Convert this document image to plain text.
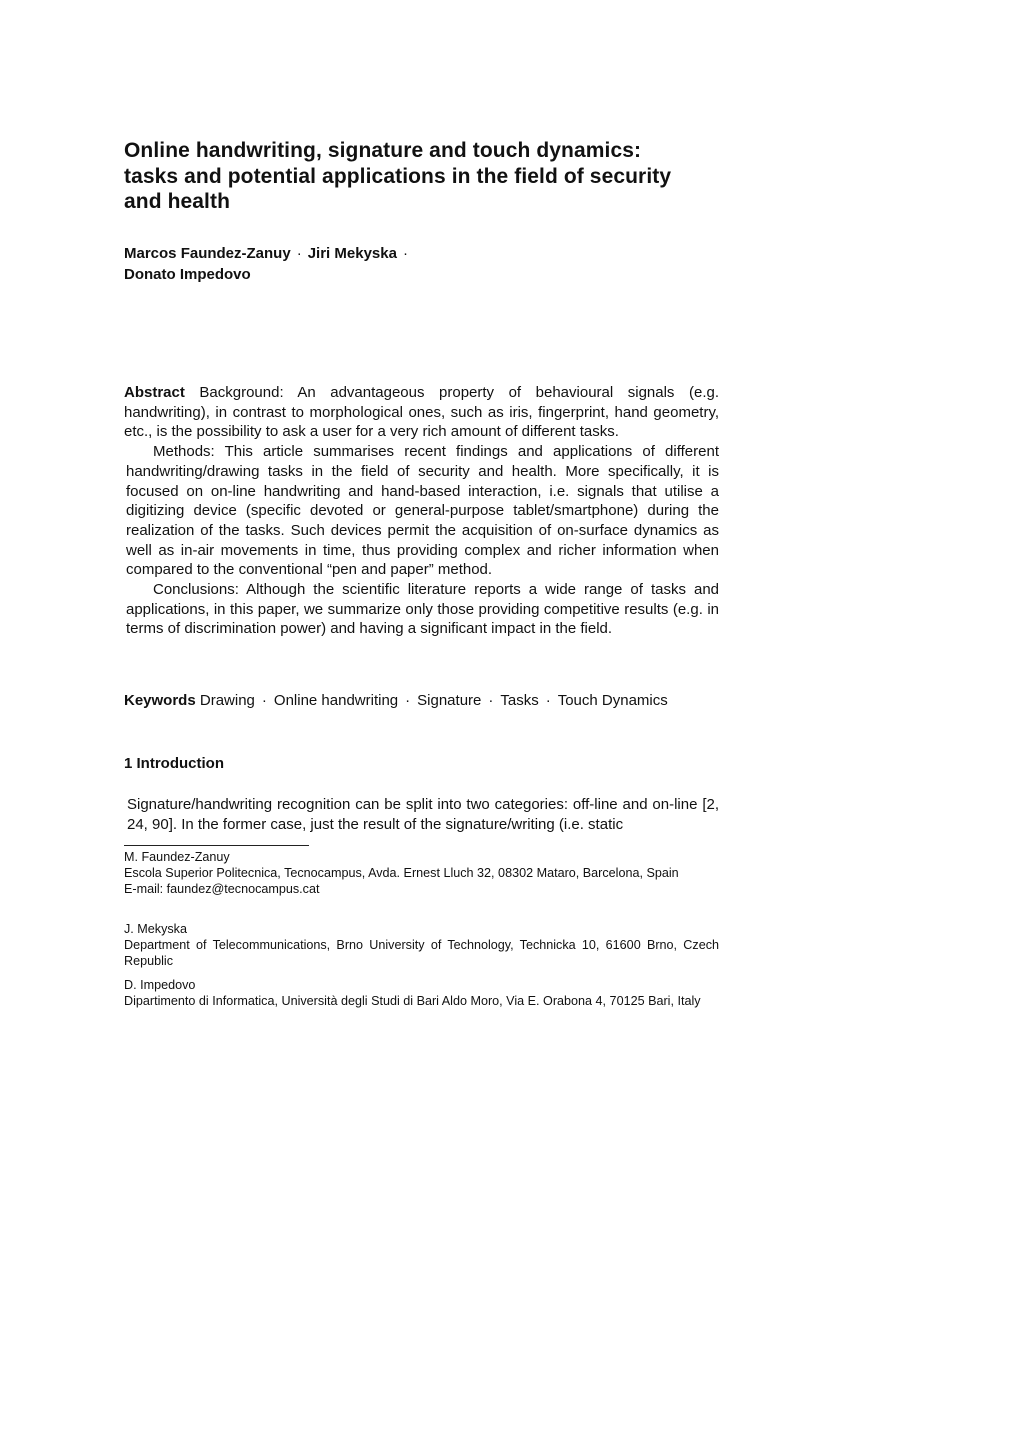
Online handwriting, signature and touch dynamics:
tasks and potential applications in the field of security
and health
Marcos Faundez-Zanuy · Jiri Mekyska ·
Donato Impedovo

Abstract Background: An advantageous property of behavioural signals (e.g. handwriting), in contrast to morphological ones, such as iris, fingerprint, hand geometry, etc., is the possibility to ask a user for a very rich amount of different tasks.

Methods: This article summarises recent findings and applications of different handwriting/drawing tasks in the field of security and health. More specifically, it is focused on on-line handwriting and hand-based interaction, i.e. signals that utilise a digitizing device (specific devoted or general-purpose tablet/smartphone) during the realization of the tasks. Such devices permit the acquisition of on-surface dynamics as well as in-air movements in time, thus providing complex and richer information when compared to the conventional “pen and paper” method.

Conclusions: Although the scientific literature reports a wide range of tasks and applications, in this paper, we summarize only those providing competitive results (e.g. in terms of discrimination power) and having a significant impact in the field.

Keywords Drawing · Online handwriting · Signature · Tasks · Touch Dynamics
1 Introduction

Signature/handwriting recognition can be split into two categories: off-line and on-line [2, 24, 90]. In the former case, just the result of the signature/writing (i.e. static

M. Faundez-Zanuy

Escola Superior Politecnica, Tecnocampus, Avda. Ernest Lluch 32, 08302 Mataro, Barcelona, Spain

E-mail: faundez@tecnocampus.cat

J. Mekyska

Department of Telecommunications, Brno University of Technology, Technicka 10, 61600 Brno, Czech Republic

D. Impedovo

Dipartimento di Informatica, Università degli Studi di Bari Aldo Moro, Via E. Orabona 4, 70125 Bari, Italy
